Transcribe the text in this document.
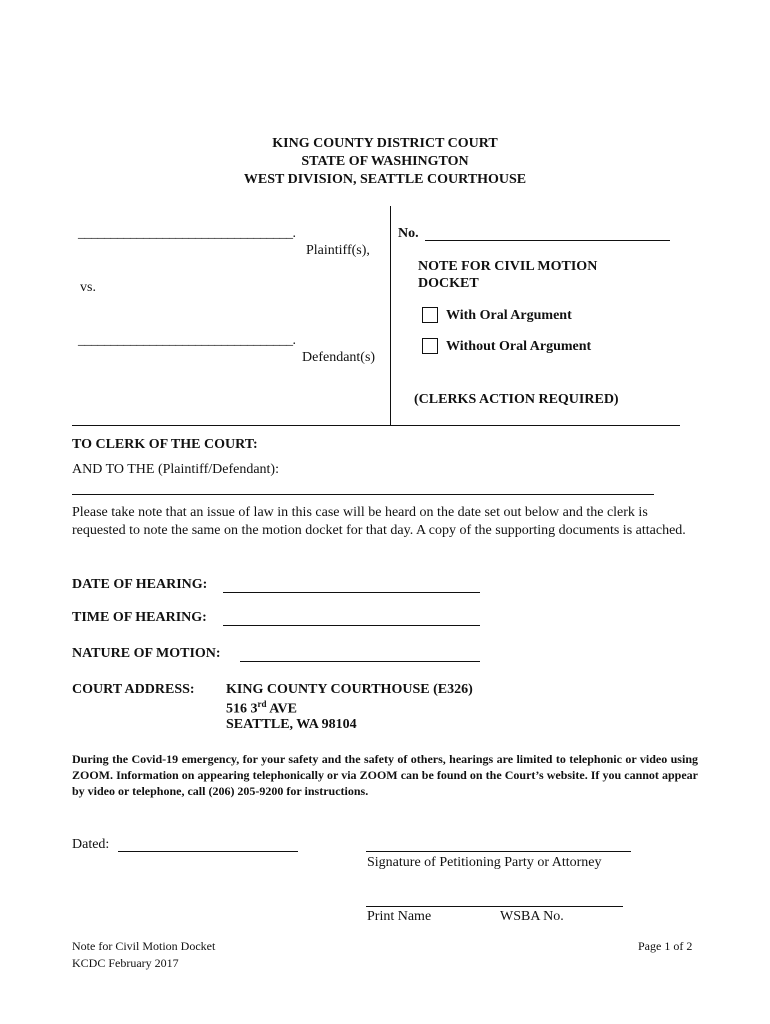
KING COUNTY DISTRICT COURT
STATE OF WASHINGTON
WEST DIVISION, SEATTLE COURTHOUSE
_________________________________.
Plaintiff(s),
vs.
_________________________________.
Defendant(s)
No.
NOTE FOR CIVIL MOTION
DOCKET
With Oral Argument
Without Oral Argument
(CLERKS ACTION REQUIRED)
TO CLERK OF THE COURT:
AND TO THE (Plaintiff/Defendant):
Please take note that an issue of law in this case will be heard on the date set out below and the clerk is requested to note the same on the motion docket for that day. A copy of the supporting documents is attached.
DATE OF HEARING:
TIME OF HEARING:
NATURE OF MOTION:
COURT ADDRESS: KING COUNTY COURTHOUSE (E326)
516 3rd AVE
SEATTLE, WA 98104
During the Covid-19 emergency, for your safety and the safety of others, hearings are limited to telephonic or video using ZOOM. Information on appearing telephonically or via ZOOM can be found on the Court’s website. If you cannot appear by video or telephone, call (206) 205-9200 for instructions.
Dated:
Signature of Petitioning Party or Attorney
Print Name	WSBA No.
Note for Civil Motion Docket
KCDC February 2017
Page 1 of 2
